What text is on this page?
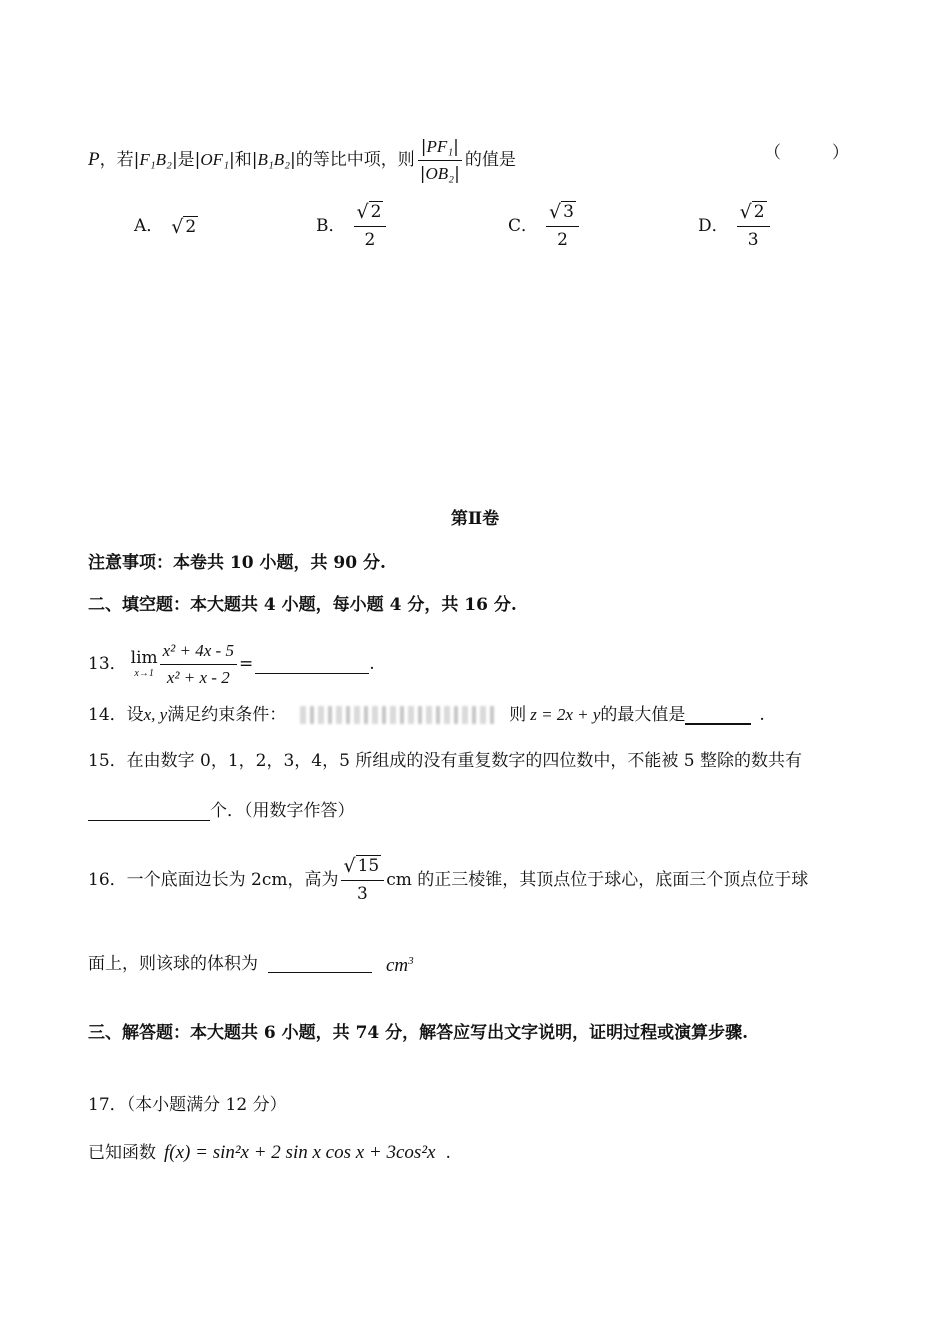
P ，若 |F₁B₂| 是 |OF₁| 和 |B₁B₂| 的等比中项，则 $\frac{\text{|PF₁|}}{\text{|OB₂|}}$ 的值是	（　　　）
A． √ 2	B． $\frac{√ 2}{2}$	C． $\frac{√ 3}{2}$	D． $\frac{√ 2}{3}$
第Ⅱ卷
注意事项：本卷共 10 小题，共 90 分.
二、填空题：本大题共 4 小题，每小题 4 分，共 16 分.
13． lim
$x\to 1 \frac{\text{x² + 4x - 5}}{\text{x² + x - 2}}$ =	.
14．设 x, y 满足约束条件：	则 z = 2x + y 的最大值是	.
15．在由数字 0，1，2，3，4，5 所组成的没有重复数字的四位数中，不能被 5 整除的数共有
个．（用数字作答）
16．一个底面边长为 2cm，高为 $\frac{√ 15}{3}$ cm 的正三棱锥，其顶点位于球心，底面三个顶点位于球
面上，则该球的体积为	$cm^3$
三、解答题：本大题共 6 小题，共 74 分，解答应写出文字说明，证明过程或演算步骤.
17．（本小题满分 12 分）
已知函数 f(x) = sin²x + 2 sin x cos x + 3cos²x .
